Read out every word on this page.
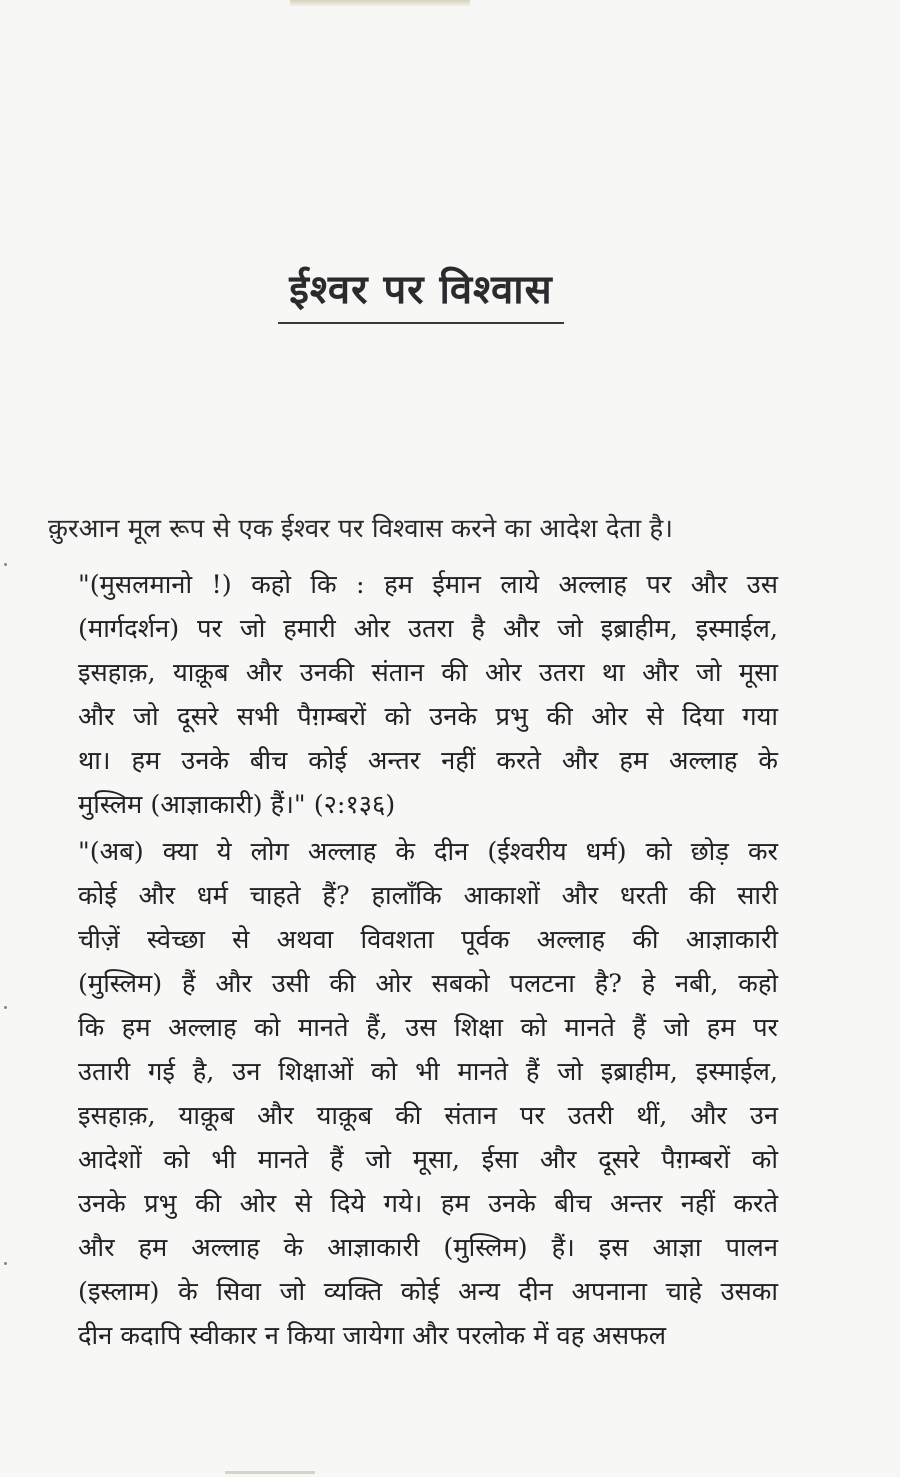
ईश्वर पर विश्वास
क़ुरआन मूल रूप से एक ईश्वर पर विश्वास करने का आदेश देता है।
"(मुसलमानो !) कहो कि : हम ईमान लाये अल्लाह पर और उस
(मार्गदर्शन) पर जो हमारी ओर उतरा है और जो इब्राहीम, इस्माईल,
इसहाक़, याक़ूब और उनकी संतान की ओर उतरा था और जो मूसा
और जो दूसरे सभी पैग़म्बरों को उनके प्रभु की ओर से दिया गया
था। हम उनके बीच कोई अन्तर नहीं करते और हम अल्लाह के
मुस्लिम (आज्ञाकारी) हैं।" (२:१३६)
"(अब) क्या ये लोग अल्लाह के दीन (ईश्वरीय धर्म) को छोड़ कर
कोई और धर्म चाहते हैं? हालाँकि आकाशों और धरती की सारी
चीज़ें स्वेच्छा से अथवा विवशता पूर्वक अल्लाह की आज्ञाकारी
(मुस्लिम) हैं और उसी की ओर सबको पलटना है? हे नबी, कहो
कि हम अल्लाह को मानते हैं, उस शिक्षा को मानते हैं जो हम पर
उतारी गई है, उन शिक्षाओं को भी मानते हैं जो इब्राहीम, इस्माईल,
इसहाक़, याक़ूब और याक़ूब की संतान पर उतरी थीं, और उन
आदेशों को भी मानते हैं जो मूसा, ईसा और दूसरे पैग़म्बरों को
उनके प्रभु की ओर से दिये गये। हम उनके बीच अन्तर नहीं करते
और हम अल्लाह के आज्ञाकारी (मुस्लिम) हैं। इस आज्ञा पालन
(इस्लाम) के सिवा जो व्यक्ति कोई अन्य दीन अपनाना चाहे उसका
दीन कदापि स्वीकार न किया जायेगा और परलोक में वह असफल
